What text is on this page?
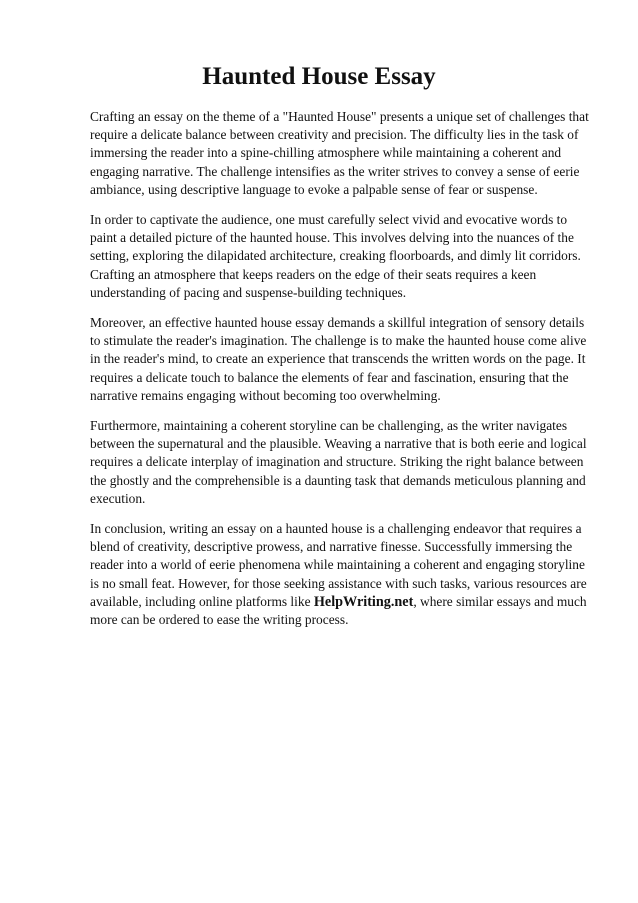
Haunted House Essay

Crafting an essay on the theme of a "Haunted House" presents a unique set of challenges that require a delicate balance between creativity and precision. The difficulty lies in the task of immersing the reader into a spine-chilling atmosphere while maintaining a coherent and engaging narrative. The challenge intensifies as the writer strives to convey a sense of eerie ambiance, using descriptive language to evoke a palpable sense of fear or suspense.

In order to captivate the audience, one must carefully select vivid and evocative words to paint a detailed picture of the haunted house. This involves delving into the nuances of the setting, exploring the dilapidated architecture, creaking floorboards, and dimly lit corridors. Crafting an atmosphere that keeps readers on the edge of their seats requires a keen understanding of pacing and suspense-building techniques.

Moreover, an effective haunted house essay demands a skillful integration of sensory details to stimulate the reader's imagination. The challenge is to make the haunted house come alive in the reader's mind, to create an experience that transcends the written words on the page. It requires a delicate touch to balance the elements of fear and fascination, ensuring that the narrative remains engaging without becoming too overwhelming.

Furthermore, maintaining a coherent storyline can be challenging, as the writer navigates between the supernatural and the plausible. Weaving a narrative that is both eerie and logical requires a delicate interplay of imagination and structure. Striking the right balance between the ghostly and the comprehensible is a daunting task that demands meticulous planning and execution.

In conclusion, writing an essay on a haunted house is a challenging endeavor that requires a blend of creativity, descriptive prowess, and narrative finesse. Successfully immersing the reader into a world of eerie phenomena while maintaining a coherent and engaging storyline is no small feat. However, for those seeking assistance with such tasks, various resources are available, including online platforms like HelpWriting.net, where similar essays and much more can be ordered to ease the writing process.
